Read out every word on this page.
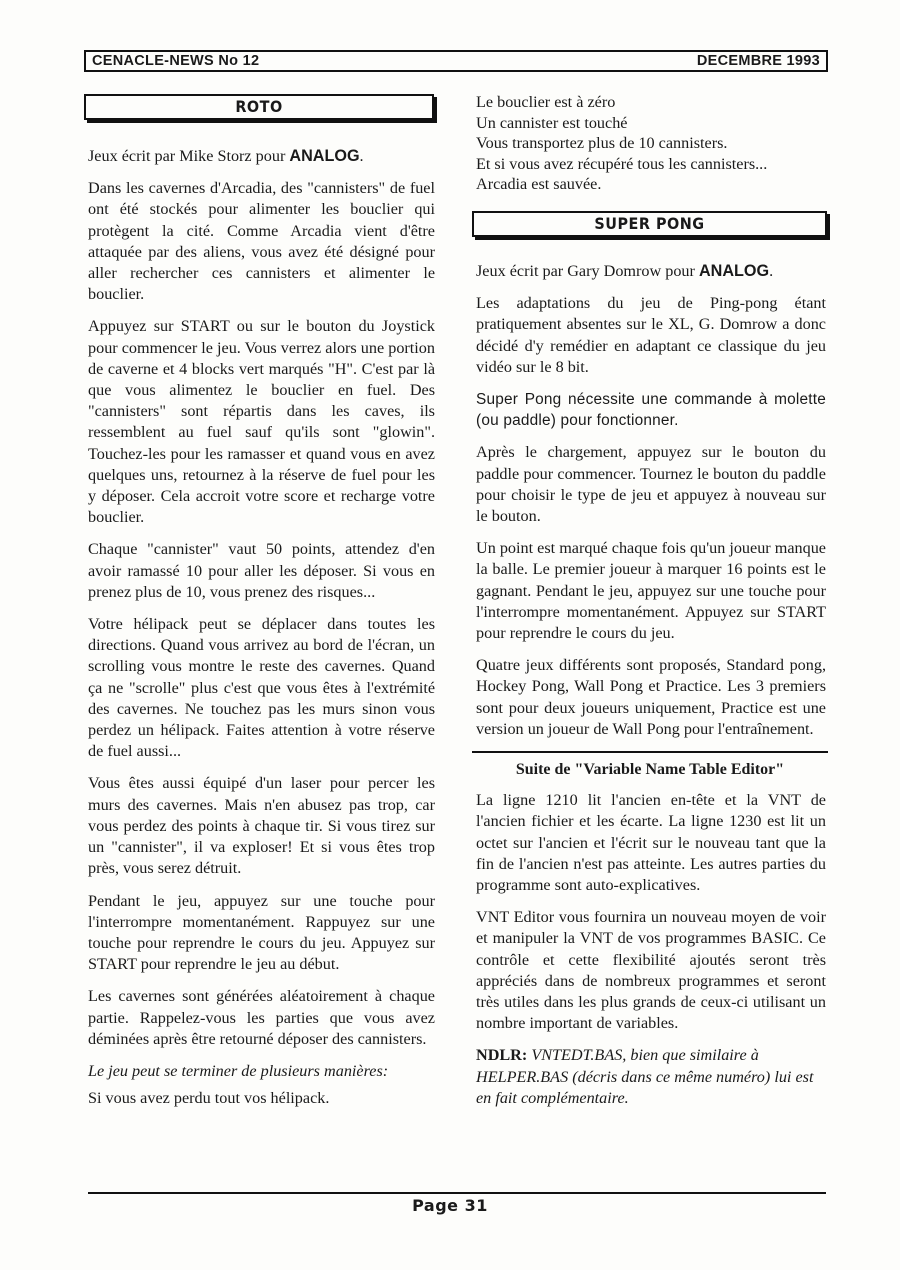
CENACLE-NEWS No 12	DECEMBRE 1993
ROTO

Jeux écrit par Mike Storz pour ANALOG.

Dans les cavernes d'Arcadia, des "cannisters" de fuel ont été stockés pour alimenter les bouclier qui protègent la cité. Comme Arcadia vient d'être attaquée par des aliens, vous avez été désigné pour aller rechercher ces cannisters et alimenter le bouclier.

Appuyez sur START ou sur le bouton du Joystick pour commencer le jeu. Vous verrez alors une portion de caverne et 4 blocks vert marqués "H". C'est par là que vous alimentez le bouclier en fuel. Des "cannisters" sont répartis dans les caves, ils ressemblent au fuel sauf qu'ils sont "glowin". Touchez-les pour les ramasser et quand vous en avez quelques uns, retournez à la réserve de fuel pour les y déposer. Cela accroit votre score et recharge votre bouclier.

Chaque "cannister" vaut 50 points, attendez d'en avoir ramassé 10 pour aller les déposer. Si vous en prenez plus de 10, vous prenez des risques...

Votre hélipack peut se déplacer dans toutes les directions. Quand vous arrivez au bord de l'écran, un scrolling vous montre le reste des cavernes. Quand ça ne "scrolle" plus c'est que vous êtes à l'extrémité des cavernes. Ne touchez pas les murs sinon vous perdez un hélipack. Faites attention à votre réserve de fuel aussi...

Vous êtes aussi équipé d'un laser pour percer les murs des cavernes. Mais n'en abusez pas trop, car vous perdez des points à chaque tir. Si vous tirez sur un "cannister", il va exploser! Et si vous êtes trop près, vous serez détruit.

Pendant le jeu, appuyez sur une touche pour l'interrompre momentanément. Rappuyez sur une touche pour reprendre le cours du jeu. Appuyez sur START pour reprendre le jeu au début.

Les cavernes sont générées aléatoirement à chaque partie. Rappelez-vous les parties que vous avez déminées après être retourné déposer des cannisters.

Le jeu peut se terminer de plusieurs manières:

Si vous avez perdu tout vos hélipack.

Le bouclier est à zéro
Un cannister est touché
Vous transportez plus de 10 cannisters.
Et si vous avez récupéré tous les cannisters...
Arcadia est sauvée.
SUPER PONG

Jeux écrit par Gary Domrow pour ANALOG.

Les adaptations du jeu de Ping-pong étant pratiquement absentes sur le XL, G. Domrow a donc décidé d'y remédier en adaptant ce classique du jeu vidéo sur le 8 bit.

Super Pong nécessite une commande à molette (ou paddle) pour fonctionner.

Après le chargement, appuyez sur le bouton du paddle pour commencer. Tournez le bouton du paddle pour choisir le type de jeu et appuyez à nouveau sur le bouton.

Un point est marqué chaque fois qu'un joueur manque la balle. Le premier joueur à marquer 16 points est le gagnant. Pendant le jeu, appuyez sur une touche pour l'interrompre momentanément. Appuyez sur START pour reprendre le cours du jeu.

Quatre jeux différents sont proposés, Standard pong, Hockey Pong, Wall Pong et Practice. Les 3 premiers sont pour deux joueurs uniquement, Practice est une version un joueur de Wall Pong pour l'entraînement.

Suite de "Variable Name Table Editor"

La ligne 1210 lit l'ancien en-tête et la VNT de l'ancien fichier et les écarte. La ligne 1230 est lit un octet sur l'ancien et l'écrit sur le nouveau tant que la fin de l'ancien n'est pas atteinte. Les autres parties du programme sont auto-explicatives.

VNT Editor vous fournira un nouveau moyen de voir et manipuler la VNT de vos programmes BASIC. Ce contrôle et cette flexibilité ajoutés seront très appréciés dans de nombreux programmes et seront très utiles dans les plus grands de ceux-ci utilisant un nombre important de variables.

NDLR: VNTEDT.BAS, bien que similaire à HELPER.BAS (décris dans ce même numéro) lui est en fait complémentaire.

Page 31
